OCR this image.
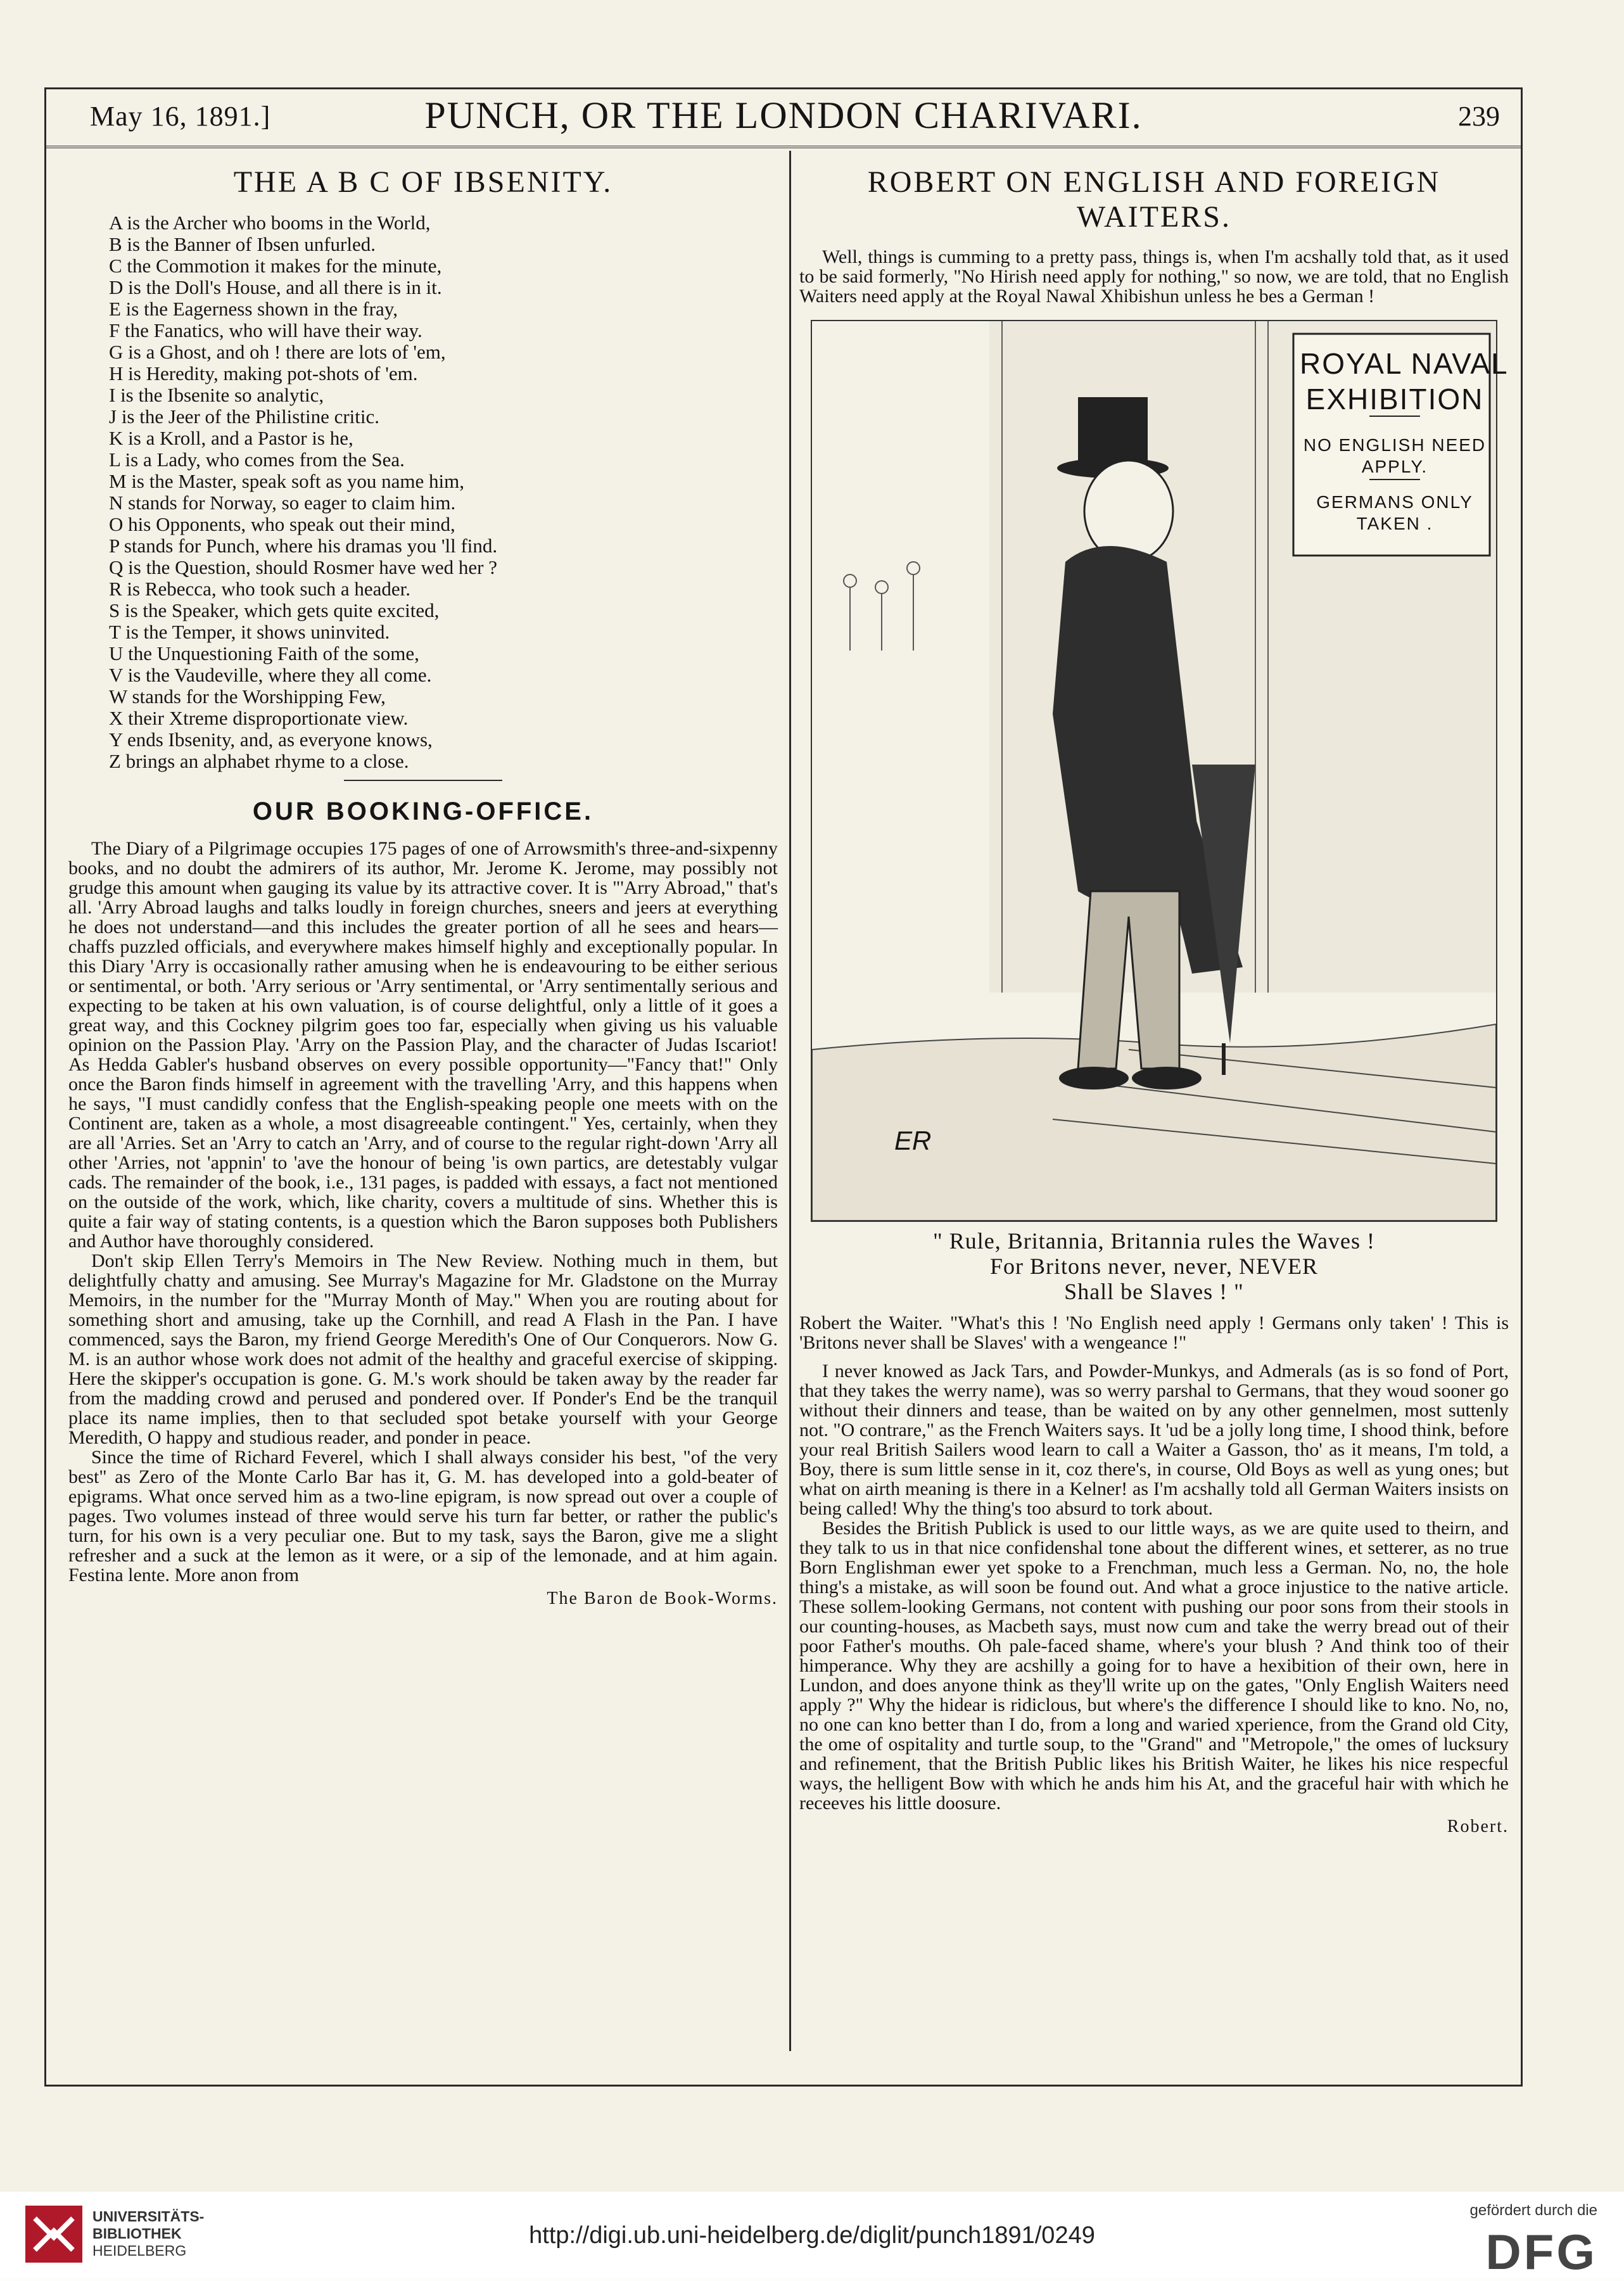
May 16, 1891.]	PUNCH, OR THE LONDON CHARIVARI.	239
THE A B C OF IBSENITY.
A is the Archer who booms in the World,
B is the Banner of Ibsen unfurled.
C the Commotion it makes for the minute,
D is the Doll's House, and all there is in it.
E is the Eagerness shown in the fray,
F the Fanatics, who will have their way.
G is a Ghost, and oh ! there are lots of 'em,
H is Heredity, making pot-shots of 'em.
I is the Ibsenite so analytic,
J is the Jeer of the Philistine critic.
K is a Kroll, and a Pastor is he,
L is a Lady, who comes from the Sea.
M is the Master, speak soft as you name him,
N stands for Norway, so eager to claim him.
O his Opponents, who speak out their mind,
P stands for Punch, where his dramas you 'll find.
Q is the Question, should Rosmer have wed her ?
R is Rebecca, who took such a header.
S is the Speaker, which gets quite excited,
T is the Temper, it shows uninvited.
U the Unquestioning Faith of the some,
V is the Vaudeville, where they all come.
W stands for the Worshipping Few,
X their Xtreme disproportionate view.
Y ends Ibsenity, and, as everyone knows,
Z brings an alphabet rhyme to a close.
OUR BOOKING-OFFICE.

The Diary of a Pilgrimage occupies 175 pages of one of Arrowsmith's three-and-sixpenny books, and no doubt the admirers of its author, Mr. Jerome K. Jerome, may possibly not grudge this amount when gauging its value by its attractive cover. It is "'Arry Abroad," that's all. 'Arry Abroad laughs and talks loudly in foreign churches, sneers and jeers at everything he does not understand—and this includes the greater portion of all he sees and hears—chaffs puzzled officials, and everywhere makes himself highly and exceptionally popular. In this Diary 'Arry is occasionally rather amusing when he is endeavouring to be either serious or sentimental, or both. 'Arry serious or 'Arry sentimental, or 'Arry sentimentally serious and expecting to be taken at his own valuation, is of course delightful, only a little of it goes a great way, and this Cockney pilgrim goes too far, especially when giving us his valuable opinion on the Passion Play. 'Arry on the Passion Play, and the character of Judas Iscariot! As Hedda Gabler's husband observes on every possible opportunity—"Fancy that!" Only once the Baron finds himself in agreement with the travelling 'Arry, and this happens when he says, "I must candidly confess that the English-speaking people one meets with on the Continent are, taken as a whole, a most disagreeable contingent." Yes, certainly, when they are all 'Arries. Set an 'Arry to catch an 'Arry, and of course to the regular right-down 'Arry all other 'Arries, not 'appnin' to 'ave the honour of being 'is own partics, are detestably vulgar cads. The remainder of the book, i.e., 131 pages, is padded with essays, a fact not mentioned on the outside of the work, which, like charity, covers a multitude of sins. Whether this is quite a fair way of stating contents, is a question which the Baron supposes both Publishers and Author have thoroughly considered.

Don't skip Ellen Terry's Memoirs in The New Review. Nothing much in them, but delightfully chatty and amusing. See Murray's Magazine for Mr. Gladstone on the Murray Memoirs, in the number for the "Murray Month of May." When you are routing about for something short and amusing, take up the Cornhill, and read A Flash in the Pan. I have commenced, says the Baron, my friend George Meredith's One of Our Conquerors. Now G. M. is an author whose work does not admit of the healthy and graceful exercise of skipping. Here the skipper's occupation is gone. G. M.'s work should be taken away by the reader far from the madding crowd and perused and pondered over. If Ponder's End be the tranquil place its name implies, then to that secluded spot betake yourself with your George Meredith, O happy and studious reader, and ponder in peace.

Since the time of Richard Feverel, which I shall always consider his best, "of the very best" as Zero of the Monte Carlo Bar has it, G. M. has developed into a gold-beater of epigrams. What once served him as a two-line epigram, is now spread out over a couple of pages. Two volumes instead of three would serve his turn far better, or rather the public's turn, for his own is a very peculiar one. But to my task, says the Baron, give me a slight refresher and a suck at the lemon as it were, or a sip of the lemonade, and at him again. Festina lente. More anon from

The Baron de Book-Worms.
ROBERT ON ENGLISH AND FOREIGN WAITERS.

Well, things is cumming to a pretty pass, things is, when I'm acshally told that, as it used to be said formerly, "No Hirish need apply for nothing," so now, we are told, that no English Waiters need apply at the Royal Nawal Xhibishun unless he bes a German !

ROYAL NAVAL
EXHIBITION
NO ENGLISH NEED
APPLY.
GERMANS ONLY
TAKEN .
ER
" Rule, Britannia, Britannia rules the Waves !
For Britons never, never, NEVER
Shall be Slaves ! "

Robert the Waiter. "What's this ! 'No English need apply ! Germans only taken' ! This is 'Britons never shall be Slaves' with a wengeance !"

I never knowed as Jack Tars, and Powder-Munkys, and Admerals (as is so fond of Port, that they takes the werry name), was so werry parshal to Germans, that they woud sooner go without their dinners and tease, than be waited on by any other gennelmen, most suttenly not. "O contrare," as the French Waiters says. It 'ud be a jolly long time, I shood think, before your real British Sailers wood learn to call a Waiter a Gasson, tho' as it means, I'm told, a Boy, there is sum little sense in it, coz there's, in course, Old Boys as well as yung ones; but what on airth meaning is there in a Kelner! as I'm acshally told all German Waiters insists on being called! Why the thing's too absurd to tork about.

Besides the British Publick is used to our little ways, as we are quite used to theirn, and they talk to us in that nice confidenshal tone about the different wines, et setterer, as no true Born Englishman ewer yet spoke to a Frenchman, much less a German. No, no, the hole thing's a mistake, as will soon be found out. And what a groce injustice to the native article. These sollem-looking Germans, not content with pushing our poor sons from their stools in our counting-houses, as Macbeth says, must now cum and take the werry bread out of their poor Father's mouths. Oh pale-faced shame, where's your blush ? And think too of their himperance. Why they are acshilly a going for to have a hexibition of their own, here in Lundon, and does anyone think as they'll write up on the gates, "Only English Waiters need apply ?" Why the hidear is ridiclous, but where's the difference I should like to kno. No, no, no one can kno better than I do, from a long and waried xperience, from the Grand old City, the ome of ospitality and turtle soup, to the "Grand" and "Metropole," the omes of lucksury and refinement, that the British Public likes his British Waiter, he likes his nice respecful ways, the helligent Bow with which he ands him his At, and the graceful hair with which he receeves his little doosure.

Robert.
UNIVERSITÄTS-
BIBLIOTHEK
HEIDELBERG
http://digi.ub.uni-heidelberg.de/diglit/punch1891/0249
gefördert durch die
DFG
